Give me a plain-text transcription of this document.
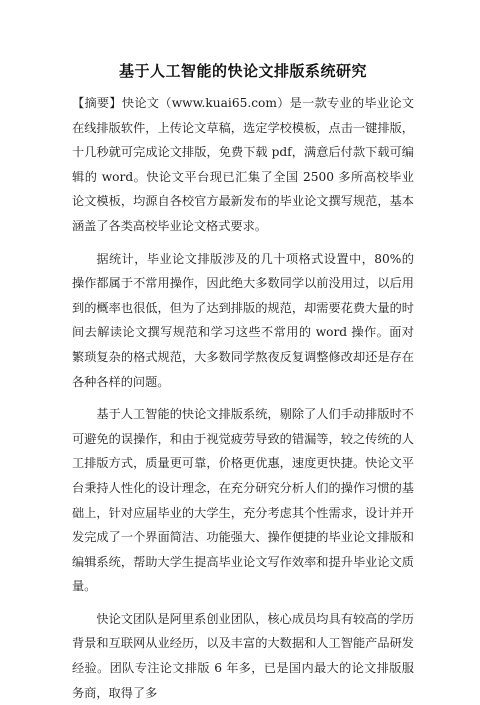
基于人工智能的快论文排版系统研究

【摘要】快论文（www.kuai65.com）是一款专业的毕业论文在线排版软件，上传论文草稿，选定学校模板，点击一键排版，十几秒就可完成论文排版，免费下载 pdf，满意后付款下载可编辑的 word。快论文平台现已汇集了全国 2500 多所高校毕业论文模板，均源自各校官方最新发布的毕业论文撰写规范，基本涵盖了各类高校毕业论文格式要求。

据统计，毕业论文排版涉及的几十项格式设置中，80%的操作都属于不常用操作，因此绝大多数同学以前没用过，以后用到的概率也很低，但为了达到排版的规范，却需要花费大量的时间去解读论文撰写规范和学习这些不常用的 word 操作。面对繁琐复杂的格式规范，大多数同学熬夜反复调整修改却还是存在各种各样的问题。

基于人工智能的快论文排版系统，剔除了人们手动排版时不可避免的误操作，和由于视觉疲劳导致的错漏等，较之传统的人工排版方式，质量更可靠，价格更优惠，速度更快捷。快论文平台秉持人性化的设计理念，在充分研究分析人们的操作习惯的基础上，针对应届毕业的大学生，充分考虑其个性需求，设计并开发完成了一个界面简洁、功能强大、操作便捷的毕业论文排版和编辑系统，帮助大学生提高毕业论文写作效率和提升毕业论文质量。

快论文团队是阿里系创业团队，核心成员均具有较高的学历背景和互联网从业经历，以及丰富的大数据和人工智能产品研发经验。团队专注论文排版 6 年多，已是国内最大的论文排版服务商，取得了多
